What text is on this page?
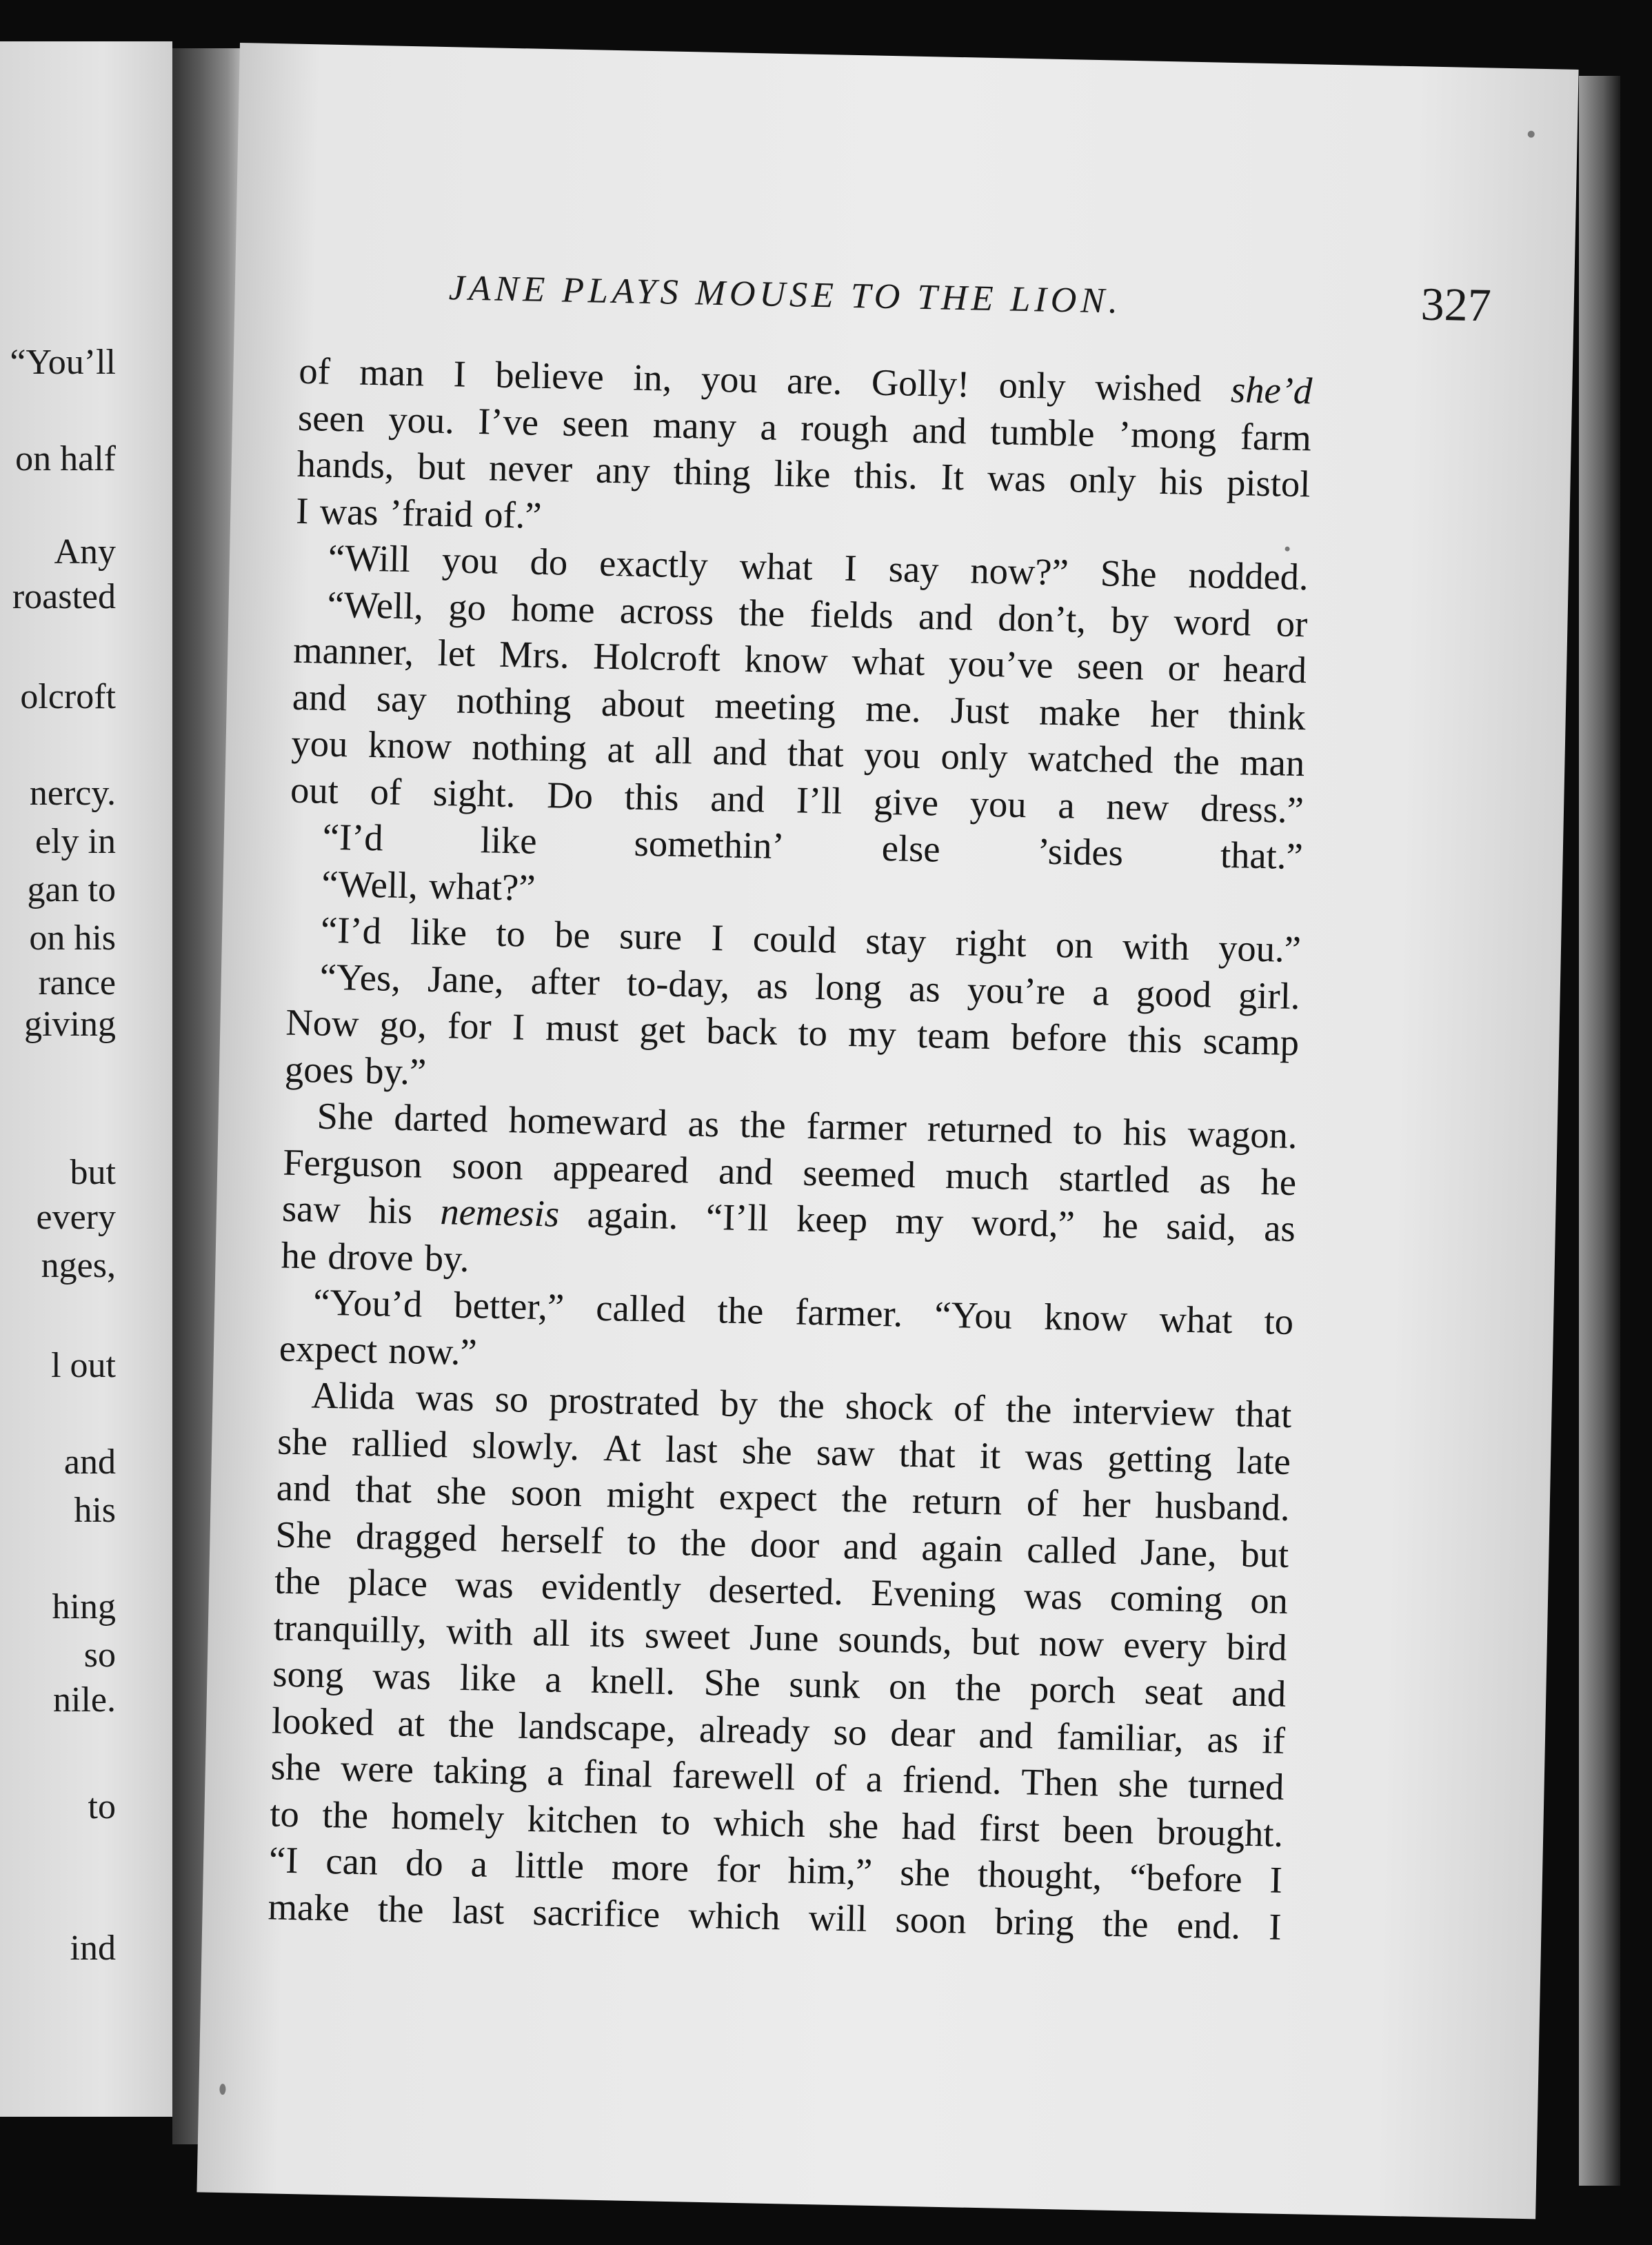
“You’ll
on half
Any
roasted
olcroft
nercy.
ely in
gan to
on his
rance
giving
but
every
nges,
l out
and
his
hing
so
nile.
to
ind
JANE PLAYS MOUSE TO THE LION.	327
of man I believe in, you are. Golly! only wished she’d
seen you. I’ve seen many a rough and tumble ’mong farm
hands, but never any thing like this. It was only his pistol
I was ’fraid of.”
“Will you do exactly what I say now?” She nodded.
“Well, go home across the fields and don’t, by word or
manner, let Mrs. Holcroft know what you’ve seen or heard
and say nothing about meeting me. Just make her think
you know nothing at all and that you only watched the man
out of sight. Do this and I’ll give you a new dress.”
“I’d	like	somethin’	else	’sides	that.”
“Well, what?”
“I’d like to be sure I could stay right on with you.”
“Yes, Jane, after to-day, as long as you’re a good girl.
Now go, for I must get back to my team before this scamp
goes by.”
She darted homeward as the farmer returned to his wagon.
Ferguson soon appeared and seemed much startled as he
saw his nemesis again. “I’ll keep my word,” he said, as
he drove by.
“You’d better,” called the farmer. “You know what to
expect now.”
Alida was so prostrated by the shock of the interview that
she rallied slowly. At last she saw that it was getting late
and that she soon might expect the return of her husband.
She dragged herself to the door and again called Jane, but
the place was evidently deserted. Evening was coming on
tranquilly, with all its sweet June sounds, but now every bird
song was like a knell. She sunk on the porch seat and
looked at the landscape, already so dear and familiar, as if
she were taking a final farewell of a friend. Then she turned
to the homely kitchen to which she had first been brought.
“I can do a little more for him,” she thought, “before I
make the last sacrifice which will soon bring the end. I
